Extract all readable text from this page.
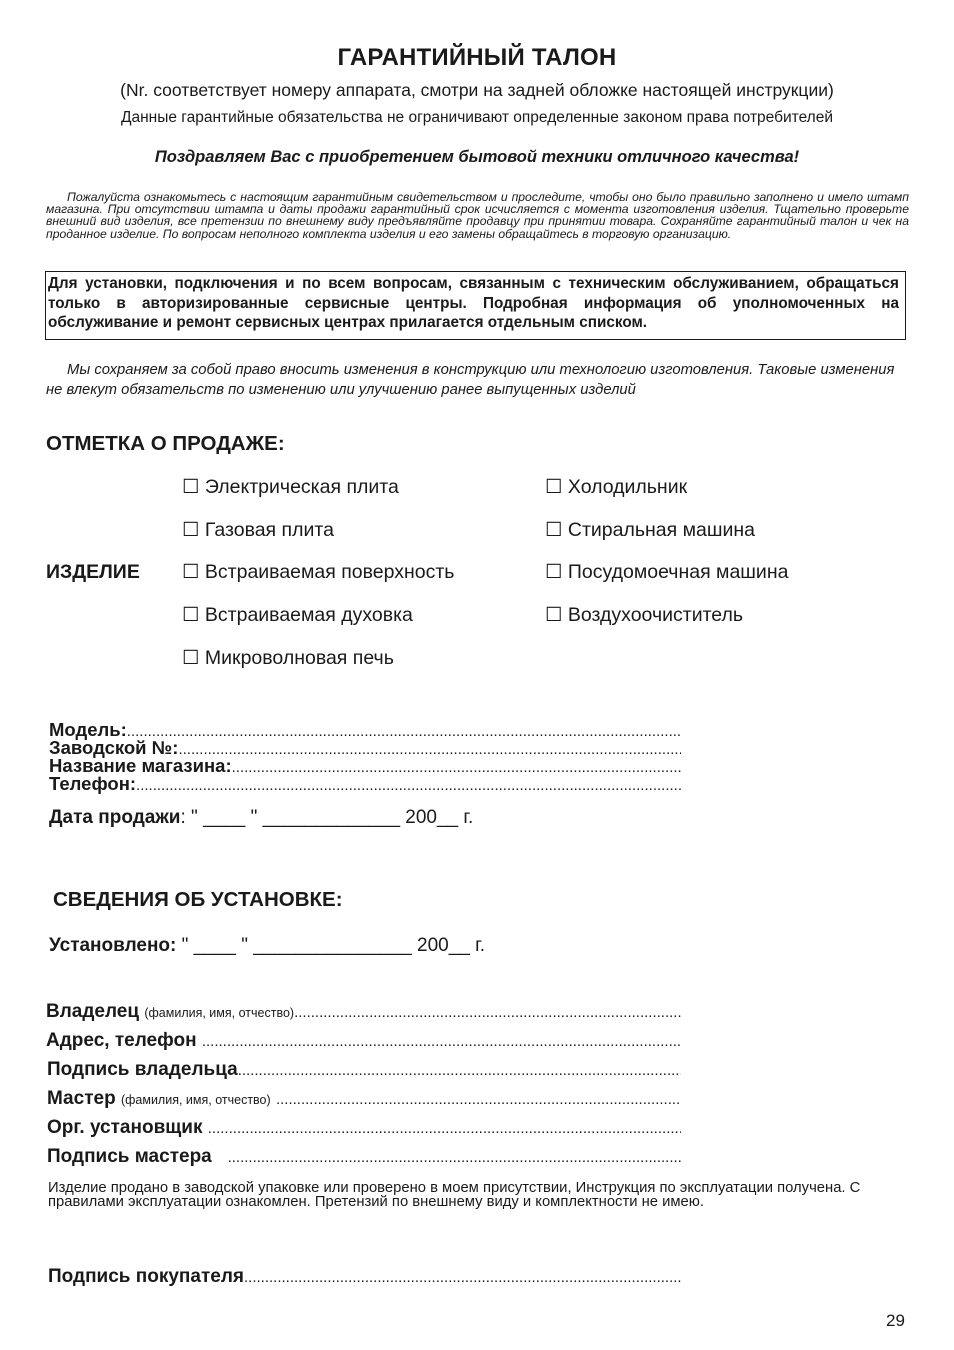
ГАРАНТИЙНЫЙ ТАЛОН
(Nr. соответствует номеру аппарата, смотри на задней обложке настоящей инструкции)
Данные гарантийные обязательства не ограничивают определенные законом права потребителей
Поздравляем Вас с приобретением бытовой техники отличного качества!
Пожалуйста ознакомьтесь с настоящим гарантийным свидетельством и проследите, чтобы оно было правильно заполнено и имело штамп магазина. При отсутствии штампа и даты продажи гарантийный срок исчисляется с момента изготовления изделия. Тщательно проверьте внешний вид изделия, все претензии по внешнему виду предъявляйте продавцу при принятии товара. Сохраняйте гарантийный талон и чек на проданное изделие. По вопросам неполного комплекта изделия и его замены обращайтесь в торговую организацию.
Для установки, подключения и по всем вопросам, связанным с техническим обслуживанием, обращаться только в авторизированные сервисные центры. Подробная информация об уполномоченных на обслуживание и ремонт сервисных центрах прилагается отдельным списком.
Мы сохраняем за собой право вносить изменения в конструкцию или технологию изготовления. Таковые изменения не влекут обязательств по изменению или улучшению ранее выпущенных изделий
ОТМЕТКА О ПРОДАЖЕ:
ИЗДЕЛИЕ
☐ Электрическая плита
☐ Газовая плита
☐ Встраиваемая поверхность
☐ Встраиваемая духовка
☐ Микроволновая печь
☐ Холодильник
☐ Стиральная машина
☐ Посудомоечная машина
☐ Воздухоочиститель
Модель:
.....
Заводской №:
.....
Название магазина:
.....
Телефон:
.....
Дата продажи: " ____ " _____________ 200__ г.
СВЕДЕНИЯ ОБ УСТАНОВКЕ:
Установлено: " ____ " _______________ 200__ г.
Владелец
(фамилия, имя, отчество)
.....
Адрес, телефон

.....
Подпись владельца
.....
Мастер
(фамилия, имя, отчество)

.....
Орг. установщик

.....
Подпись мастера

.....
Изделие продано в заводской упаковке или проверено в моем присутствии, Инструкция по эксплуатации получена. С правилами эксплуатации ознакомлен. Претензий по внешнему виду и комплектности не имею.
Подпись покупателя
.....
29
